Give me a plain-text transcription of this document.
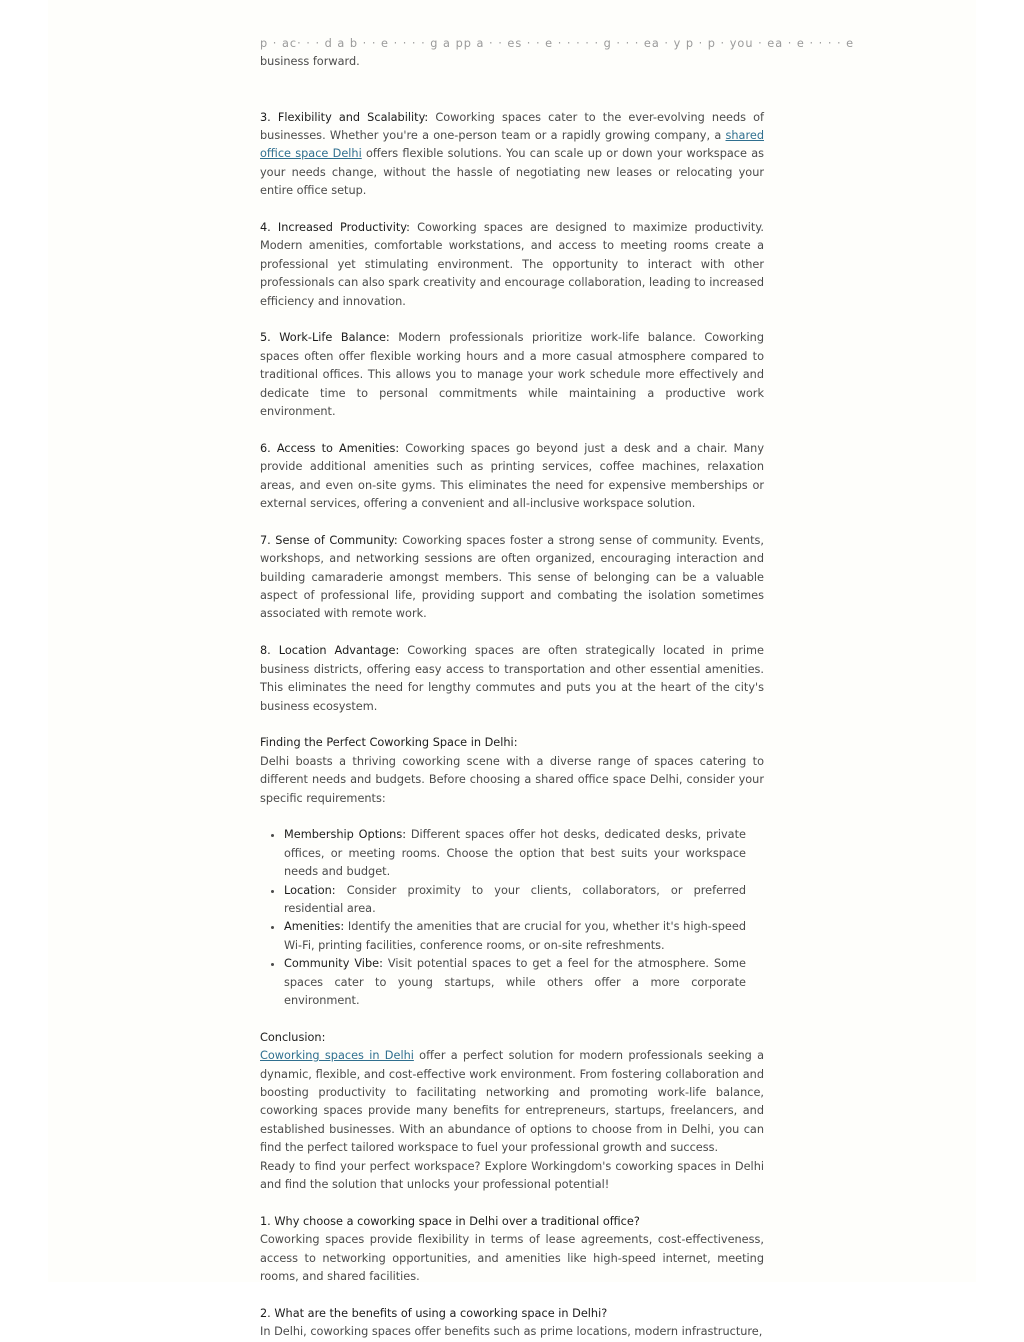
p · ac· · · d a b · · e · · · · g a pp a · · es · · e · · · · · g · · · ea · y p · p · you · ea · e · · · · e

business forward.

3. Flexibility and Scalability: Coworking spaces cater to the ever-evolving needs of businesses. Whether you're a one-person team or a rapidly growing company, a shared office space Delhi offers flexible solutions. You can scale up or down your workspace as your needs change, without the hassle of negotiating new leases or relocating your entire office setup.

4. Increased Productivity: Coworking spaces are designed to maximize productivity. Modern amenities, comfortable workstations, and access to meeting rooms create a professional yet stimulating environment. The opportunity to interact with other professionals can also spark creativity and encourage collaboration, leading to increased efficiency and innovation.

5. Work-Life Balance: Modern professionals prioritize work-life balance. Coworking spaces often offer flexible working hours and a more casual atmosphere compared to traditional offices. This allows you to manage your work schedule more effectively and dedicate time to personal commitments while maintaining a productive work environment.

6. Access to Amenities: Coworking spaces go beyond just a desk and a chair. Many provide additional amenities such as printing services, coffee machines, relaxation areas, and even on-site gyms. This eliminates the need for expensive memberships or external services, offering a convenient and all-inclusive workspace solution.

7. Sense of Community: Coworking spaces foster a strong sense of community. Events, workshops, and networking sessions are often organized, encouraging interaction and building camaraderie amongst members. This sense of belonging can be a valuable aspect of professional life, providing support and combating the isolation sometimes associated with remote work.

8. Location Advantage: Coworking spaces are often strategically located in prime business districts, offering easy access to transportation and other essential amenities. This eliminates the need for lengthy commutes and puts you at the heart of the city's business ecosystem.

Finding the Perfect Coworking Space in Delhi:

Delhi boasts a thriving coworking scene with a diverse range of spaces catering to different needs and budgets. Before choosing a shared office space Delhi, consider your specific requirements:

• Membership Options: Different spaces offer hot desks, dedicated desks, private offices, or meeting rooms. Choose the option that best suits your workspace needs and budget.
• Location: Consider proximity to your clients, collaborators, or preferred residential area.
• Amenities: Identify the amenities that are crucial for you, whether it's high-speed Wi-Fi, printing facilities, conference rooms, or on-site refreshments.
• Community Vibe: Visit potential spaces to get a feel for the atmosphere. Some spaces cater to young startups, while others offer a more corporate environment.

Conclusion:

Coworking spaces in Delhi offer a perfect solution for modern professionals seeking a dynamic, flexible, and cost-effective work environment. From fostering collaboration and boosting productivity to facilitating networking and promoting work-life balance, coworking spaces provide many benefits for entrepreneurs, startups, freelancers, and established businesses. With an abundance of options to choose from in Delhi, you can find the perfect tailored workspace to fuel your professional growth and success.

Ready to find your perfect workspace? Explore Workingdom's coworking spaces in Delhi and find the solution that unlocks your professional potential!

1. Why choose a coworking space in Delhi over a traditional office?

Coworking spaces provide flexibility in terms of lease agreements, cost-effectiveness, access to networking opportunities, and amenities like high-speed internet, meeting rooms, and shared facilities.

2. What are the benefits of using a coworking space in Delhi?

In Delhi, coworking spaces offer benefits such as prime locations, modern infrastructure,
